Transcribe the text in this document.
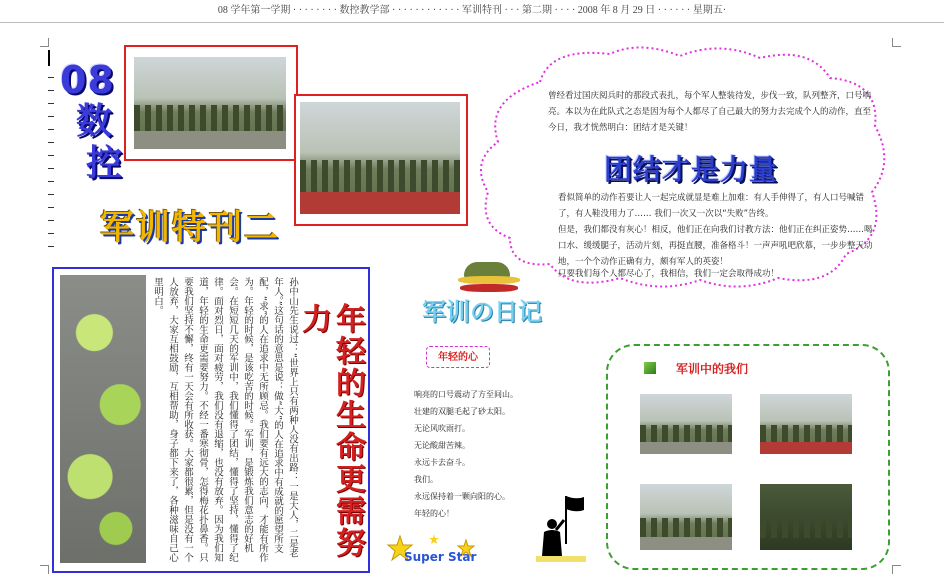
08 学年第一学期 · · · · · · · · 数控教学部 · · · · · · · · · · · · 军训特刊 · · · 第二期 · · · · 2008 年 8 月 29 日 · · · · · · 星期五·
08
数
控
军训特刊二
曾经看过国庆阅兵时的那段式表扎，每个军人整装待发，步伐一致，队列整齐，口号响亮。本以为在此队式之态是因为每个人都尽了自己最大的努力去完成个人的动作，直至今日，我才恍然明白：团结才是关键！
团结才是力量
看似简单的动作若要让人一起完成就显是难上加难：有人手伸得了，有人口号喊错了，有人鞋没用力了…… 我们一次又一次以“失败”告终。
但是，我们都没有灰心！相反，他们正在向我们讨教方法：他们正在纠正姿势……喝口水、缓缓腿子，活动片刻，再挺直腰，准备格斗！一声声吼吧欣慕，一步步整天动地，一个个动作正确有力，颇有军人的英姿！
只要我们每个人都尽心了，我相信，我们一定会取得成功！
孙中山先生说过：“世界上只有两种人没有出路：一是大人，二是老年人。”这句话的意思是说：做“大”的人在追求中有成就的愿望所支配，“求”的人在追求中无所顾忌。我们要有远大的志向，才能有所作为。年轻的时候，是该吃苦的时候。军训，是锻炼我们意志的好机会。在短短几天的军训中，我们懂得了团结，懂得了坚持，懂得了纪律。面对烈日，面对疲劳，我们没有退缩，也没有放弃。因为我们知道，年轻的生命更需要努力。不经一番寒彻骨，怎得梅花扑鼻香。只要我们坚持不懈，终有一天会有所收获。大家都很累，但是没有一个人放弃，大家互相鼓励，互相帮助，身子都下来了，各种滋味自己心里明白。
年轻的生命更需努力	军训の日记
年轻的心
响亮的口号震动了方至间山。
壮建的双腿毛起了砂太阳。
无论风吹雨打。
无论酸甜苦辣。
永远卡去奋斗。
我们。
永远保持着一颗向阳的心。
年轻的心！
Super Star
军训中的我们
